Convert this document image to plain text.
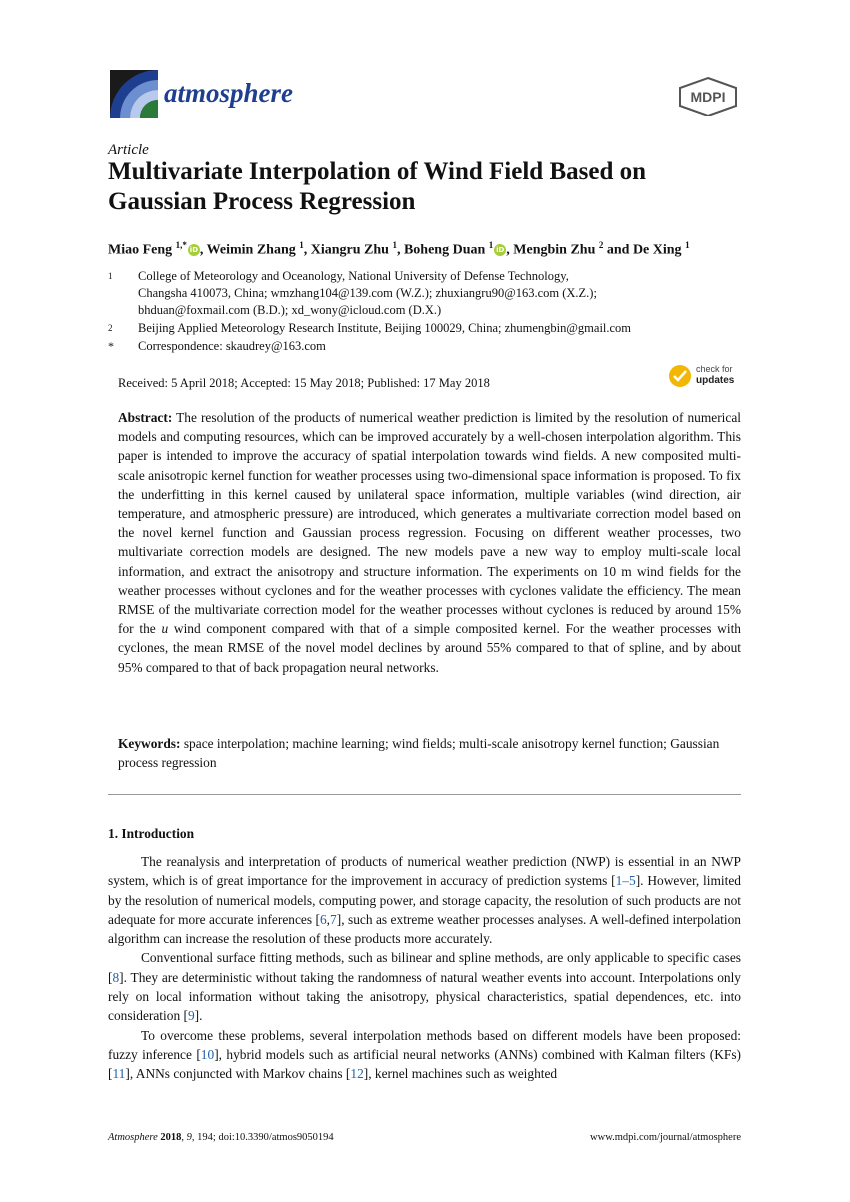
atmosphere	MDPI
Article
Multivariate Interpolation of Wind Field Based on Gaussian Process Regression
Miao Feng $^{1,*}$ iD , Weimin Zhang $^1$, Xiangru Zhu $^1$, Boheng Duan $^1$ iD , Mengbin Zhu $^2$ and De Xing $^1$
1 College of Meteorology and Oceanology, National University of Defense Technology,
Changsha 410073, China; wmzhang104@139.com (W.Z.); zhuxiangru90@163.com (X.Z.);
bhduan@foxmail.com (B.D.); xd_wony@icloud.com (D.X.)
2 Beijing Applied Meteorology Research Institute, Beijing 100029, China; zhumengbin@gmail.com
* Correspondence: skaudrey@163.com
Received: 5 April 2018; Accepted: 15 May 2018; Published: 17 May 2018
check for
updates
Abstract: The resolution of the products of numerical weather prediction is limited by the resolution of numerical models and computing resources, which can be improved accurately by a well-chosen interpolation algorithm. This paper is intended to improve the accuracy of spatial interpolation towards wind fields. A new composited multi-scale anisotropic kernel function for weather processes using two-dimensional space information is proposed. To fix the underfitting in this kernel caused by unilateral space information, multiple variables (wind direction, air temperature, and atmospheric pressure) are introduced, which generates a multivariate correction model based on the novel kernel function and Gaussian process regression. Focusing on different weather processes, two multivariate correction models are designed. The new models pave a new way to employ multi-scale local information, and extract the anisotropy and structure information. The experiments on 10 m wind fields for the weather processes without cyclones and for the weather processes with cyclones validate the efficiency. The mean RMSE of the multivariate correction model for the weather processes without cyclones is reduced by around 15% for the u wind component compared with that of a simple composited kernel. For the weather processes with cyclones, the mean RMSE of the novel model declines by around 55% compared to that of spline, and by about 95% compared to that of back propagation neural networks.
Keywords: space interpolation; machine learning; wind fields; multi-scale anisotropy kernel function; Gaussian process regression
1. Introduction

The reanalysis and interpretation of products of numerical weather prediction (NWP) is essential in an NWP system, which is of great importance for the improvement in accuracy of prediction systems [1–5]. However, limited by the resolution of numerical models, computing power, and storage capacity, the resolution of such products are not adequate for more accurate inferences [6,7], such as extreme weather processes analyses. A well-defined interpolation algorithm can increase the resolution of these products more accurately.

Conventional surface fitting methods, such as bilinear and spline methods, are only applicable to specific cases [8]. They are deterministic without taking the randomness of natural weather events into account. Interpolations only rely on local information without taking the anisotropy, physical characteristics, spatial dependences, etc. into consideration [9].

To overcome these problems, several interpolation methods based on different models have been proposed: fuzzy inference [10], hybrid models such as artificial neural networks (ANNs) combined with Kalman filters (KFs) [11], ANNs conjuncted with Markov chains [12], kernel machines such as weighted

Atmosphere 2018, 9, 194; doi:10.3390/atmos9050194	www.mdpi.com/journal/atmosphere
